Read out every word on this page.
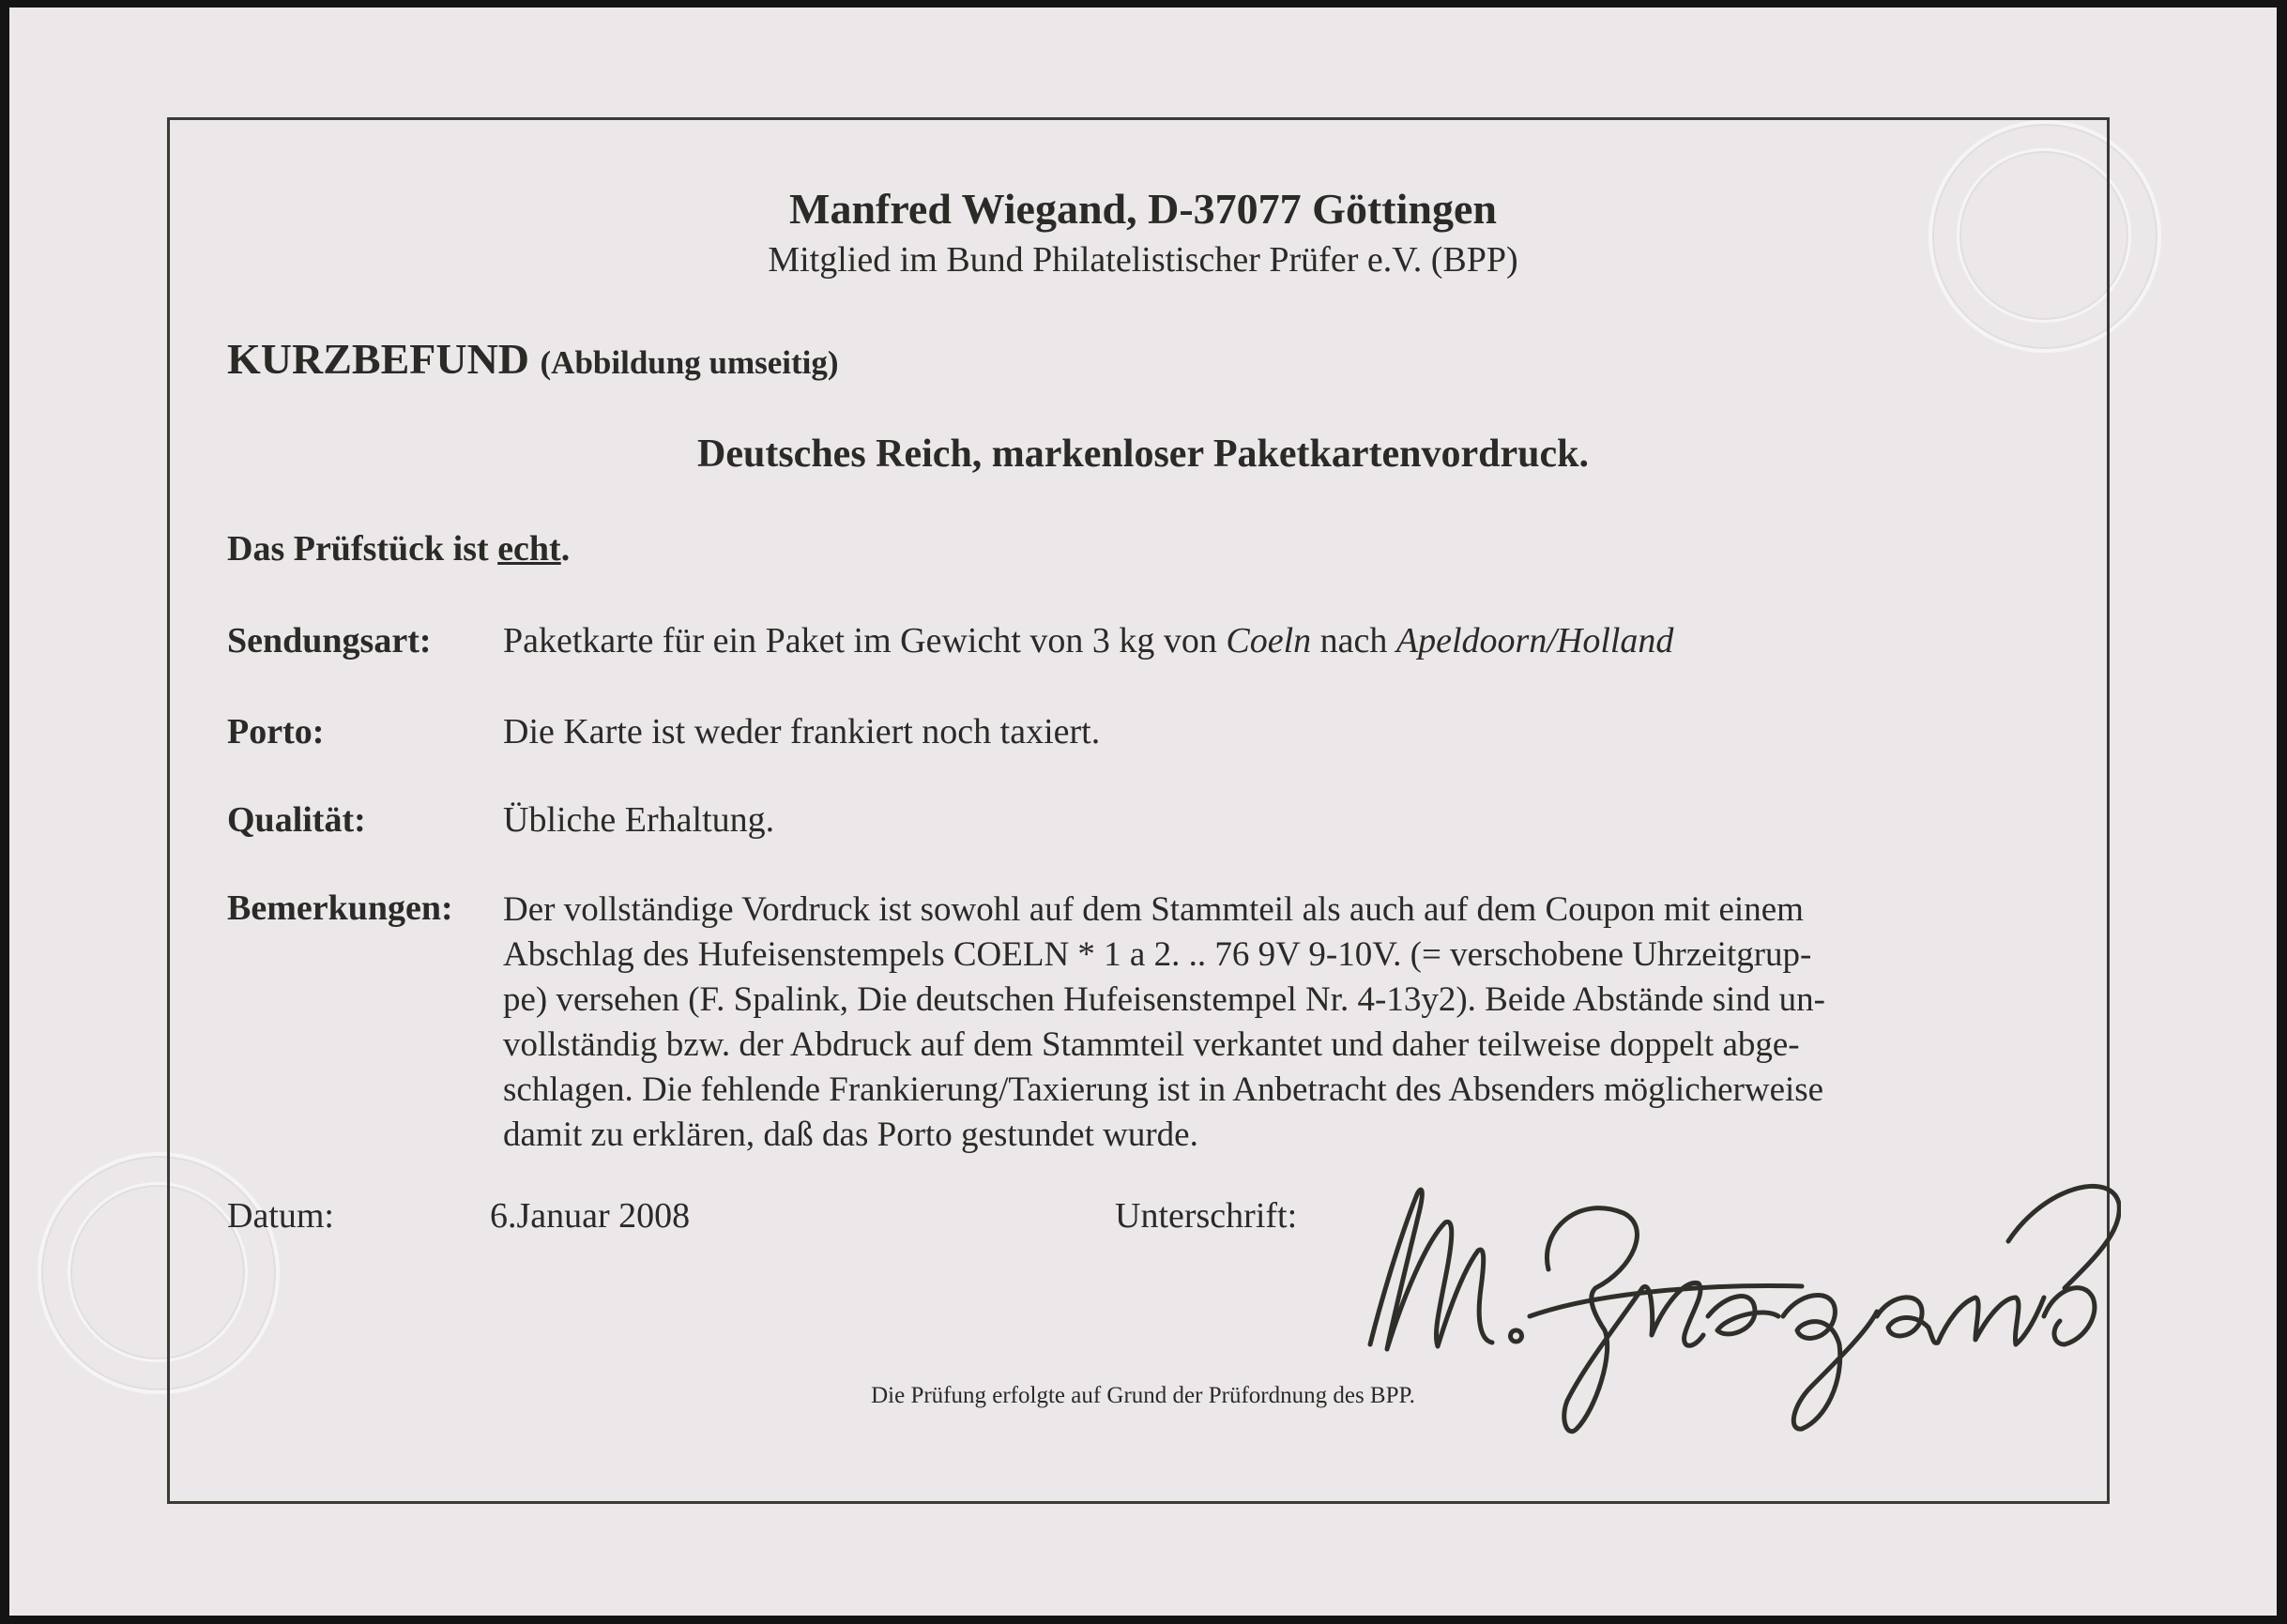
Manfred Wiegand, D-37077 Göttingen

Mitglied im Bund Philatelistischer Prüfer e.V. (BPP)

KURZBEFUND (Abbildung umseitig)

Deutsches Reich, markenloser Paketkartenvordruck.

Das Prüfstück ist echt.

Sendungsart: Paketkarte für ein Paket im Gewicht von 3 kg von Coeln nach Apeldoorn/Holland

Porto:	Die Karte ist weder frankiert noch taxiert.

Qualität:	Übliche Erhaltung.

Bemerkungen: Der vollständige Vordruck ist sowohl auf dem Stammteil als auch auf dem Coupon mit einem
Abschlag des Hufeisenstempels COELN * 1 a 2. .. 76 9V 9-10V. (= verschobene Uhrzeitgrup-
pe) versehen (F. Spalink, Die deutschen Hufeisenstempel Nr. 4-13y2). Beide Abstände sind un-
vollständig bzw. der Abdruck auf dem Stammteil verkantet und daher teilweise doppelt abge-
schlagen. Die fehlende Frankierung/Taxierung ist in Anbetracht des Absenders möglicherweise
damit zu erklären, daß das Porto gestundet wurde.

Datum:	6.Januar 2008	Unterschrift:

Die Prüfung erfolgte auf Grund der Prüfordnung des BPP.
